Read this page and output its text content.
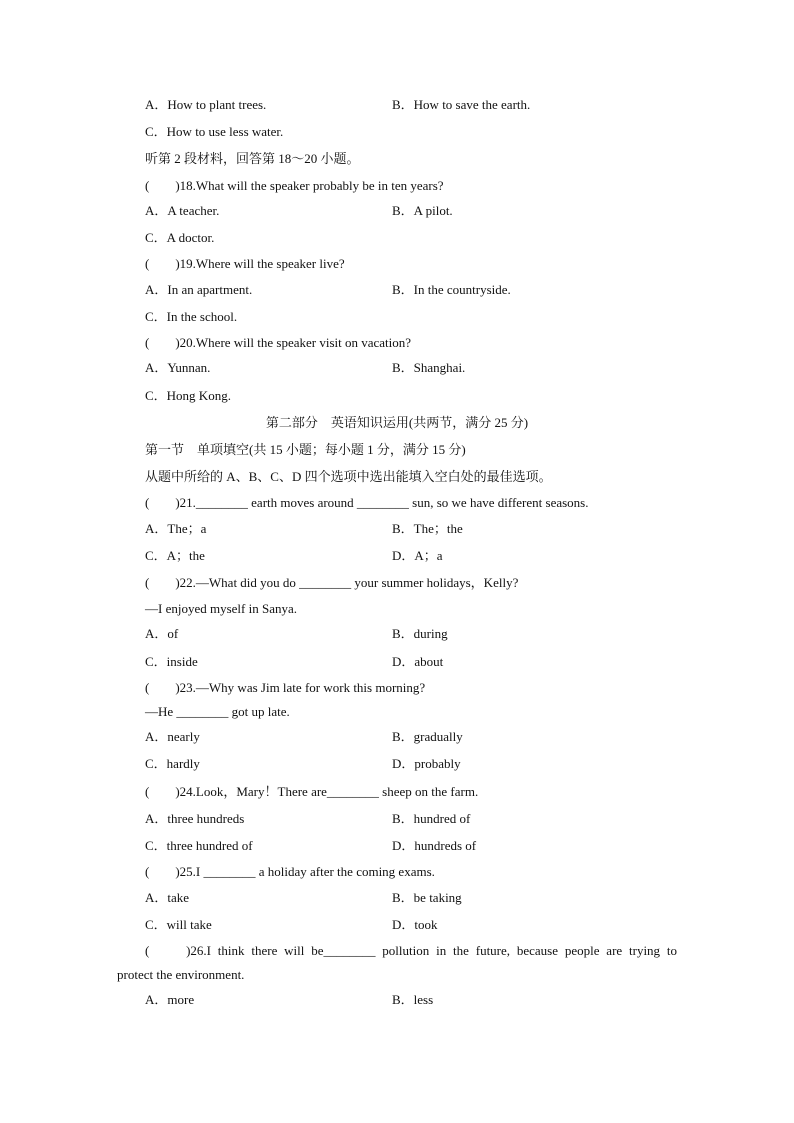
A．How to plant trees.	B．How to save the earth.
C．How to use less water.
听第 2 段材料，回答第 18～20 小题。
(　　)18.What will the speaker probably be in ten years?
A．A teacher.	B．A pilot.
C．A doctor.
(　　)19.Where will the speaker live?
A．In an apartment.	B．In the countryside.
C．In the school.
(　　)20.Where will the speaker visit on vacation?
A．Yunnan.	B．Shanghai.
C．Hong Kong.
第二部分　英语知识运用(共两节，满分 25 分)
第一节　单项填空(共 15 小题；每小题 1 分，满分 15 分)
从题中所给的 A、B、C、D 四个选项中选出能填入空白处的最佳选项。
(　　)21.________ earth moves around ________ sun, so we have different seasons.
A．The；a	B．The；the
C．A；the	D．A；a
(　　)22.—What did you do ________ your summer holidays，Kelly?
—I enjoyed myself in Sanya.
A．of	B．during
C．inside	D．about
(　　)23.—Why was Jim late for work this morning?
—He ________ got up late.
A．nearly	B．gradually
C．hardly	D．probably
(　　)24.Look，Mary！There are________ sheep on the farm.
A．three hundreds	B．hundred of
C．three hundred of	D．hundreds of
(　　)25.I ________ a holiday after the coming exams.
A．take	B．be taking
C．will take	D．took
(　　)26.I think there will be________ pollution in the future, because people are trying to
protect the environment.
A．more	B．less
